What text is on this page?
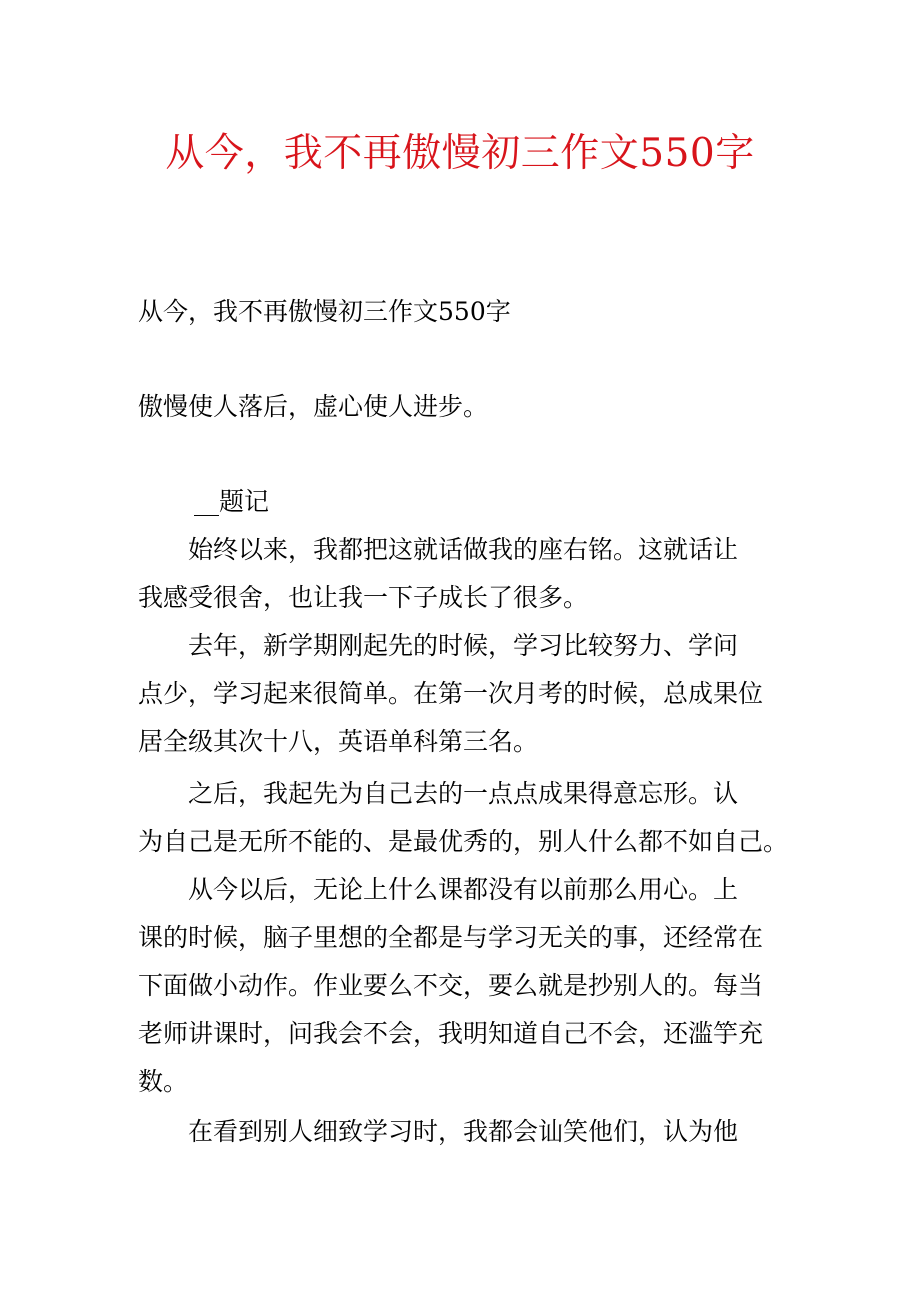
从今，我不再傲慢初三作文550字
从今，我不再傲慢初三作文550字
傲慢使人落后，虚心使人进步。
__题记
　　始终以来，我都把这就话做我的座右铭。这就话让
我感受很舍，也让我一下子成长了很多。
　　去年，新学期刚起先的时候，学习比较努力、学问
点少，学习起来很简单。在第一次月考的时候，总成果位
居全级其次十八，英语单科第三名。
　　之后，我起先为自己去的一点点成果得意忘形。认
为自己是无所不能的、是最优秀的，别人什么都不如自己。
　　从今以后，无论上什么课都没有以前那么用心。上
课的时候，脑子里想的全都是与学习无关的事，还经常在
下面做小动作。作业要么不交，要么就是抄别人的。每当
老师讲课时，问我会不会，我明知道自己不会，还滥竽充
数。
　　在看到别人细致学习时，我都会讪笑他们，认为他
